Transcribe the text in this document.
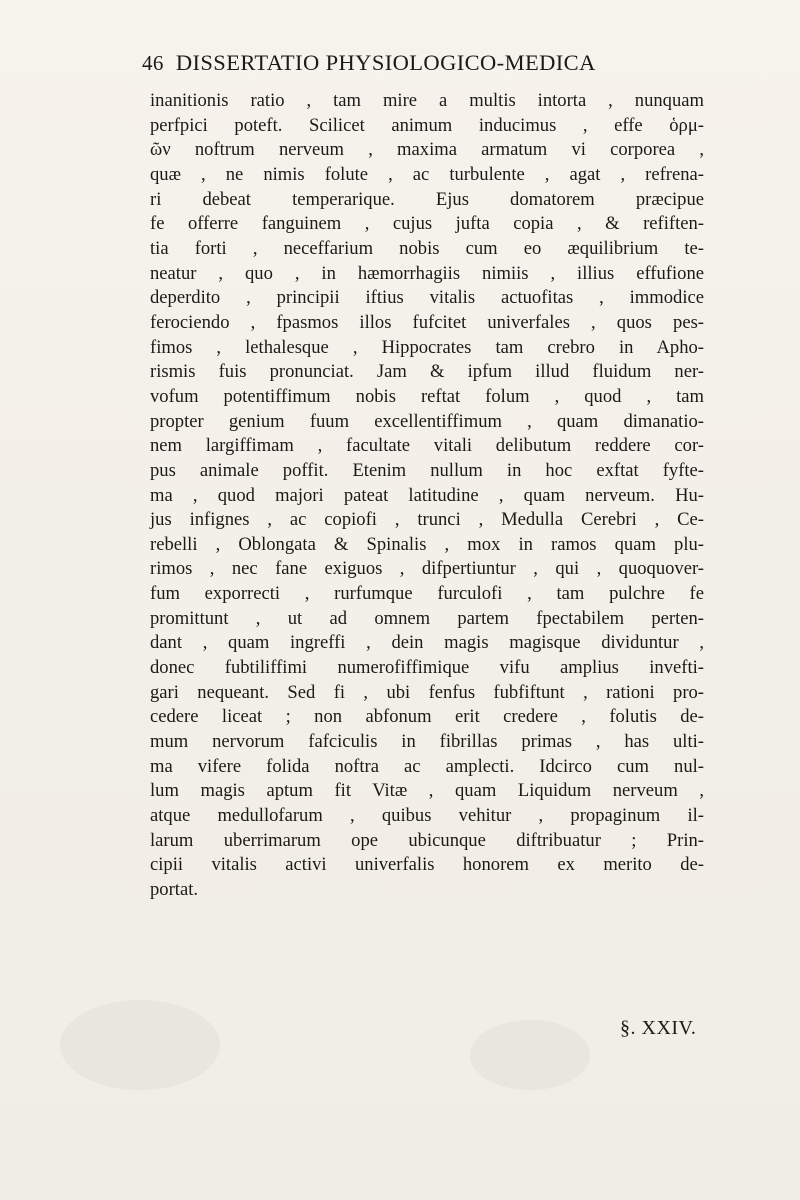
46 DISSERTATIO PHYSIOLOGICO-MEDICA
inanitionis ratio , tam mire a multis intorta , nunquam
perfpici poteft. Scilicet animum inducimus , effe ὁρμ-
ῶν noftrum nerveum , maxima armatum vi corporea ,
quæ , ne nimis folute , ac turbulente , agat , refrena-
ri debeat temperarique. Ejus domatorem præcipue
fe offerre fanguinem , cujus jufta copia , & refiften-
tia forti , neceffarium nobis cum eo æquilibrium te-
neatur , quo , in hæmorrhagiis nimiis , illius effufione
deperdito , principii iftius vitalis actuofitas , immodice
ferociendo , fpasmos illos fufcitet univerfales , quos pes-
fimos , lethalesque , Hippocrates tam crebro in Apho-
rismis fuis pronunciat. Jam & ipfum illud fluidum ner-
vofum potentiffimum nobis reftat folum , quod , tam
propter genium fuum excellentiffimum , quam dimanatio-
nem largiffimam , facultate vitali delibutum reddere cor-
pus animale poffit. Etenim nullum in hoc exftat fyfte-
ma , quod majori pateat latitudine , quam nerveum. Hu-
jus infignes , ac copiofi , trunci , Medulla Cerebri , Ce-
rebelli , Oblongata & Spinalis , mox in ramos quam plu-
rimos , nec fane exiguos , difpertiuntur , qui , quoquover-
fum exporrecti , rurfumque furculofi , tam pulchre fe
promittunt , ut ad omnem partem fpectabilem perten-
dant , quam ingreffi , dein magis magisque dividuntur ,
donec fubtiliffimi numerofiffimique vifu amplius invefti-
gari nequeant. Sed fi , ubi fenfus fubfiftunt , rationi pro-
cedere liceat ; non abfonum erit credere , folutis de-
mum nervorum fafciculis in fibrillas primas , has ulti-
ma vifere folida noftra ac amplecti. Idcirco cum nul-
lum magis aptum fit Vitæ , quam Liquidum nerveum ,
atque medullofarum , quibus vehitur , propaginum il-
larum uberrimarum ope ubicunque diftribuatur ; Prin-
cipii vitalis activi univerfalis honorem ex merito de-
portat.
§. XXIV.
